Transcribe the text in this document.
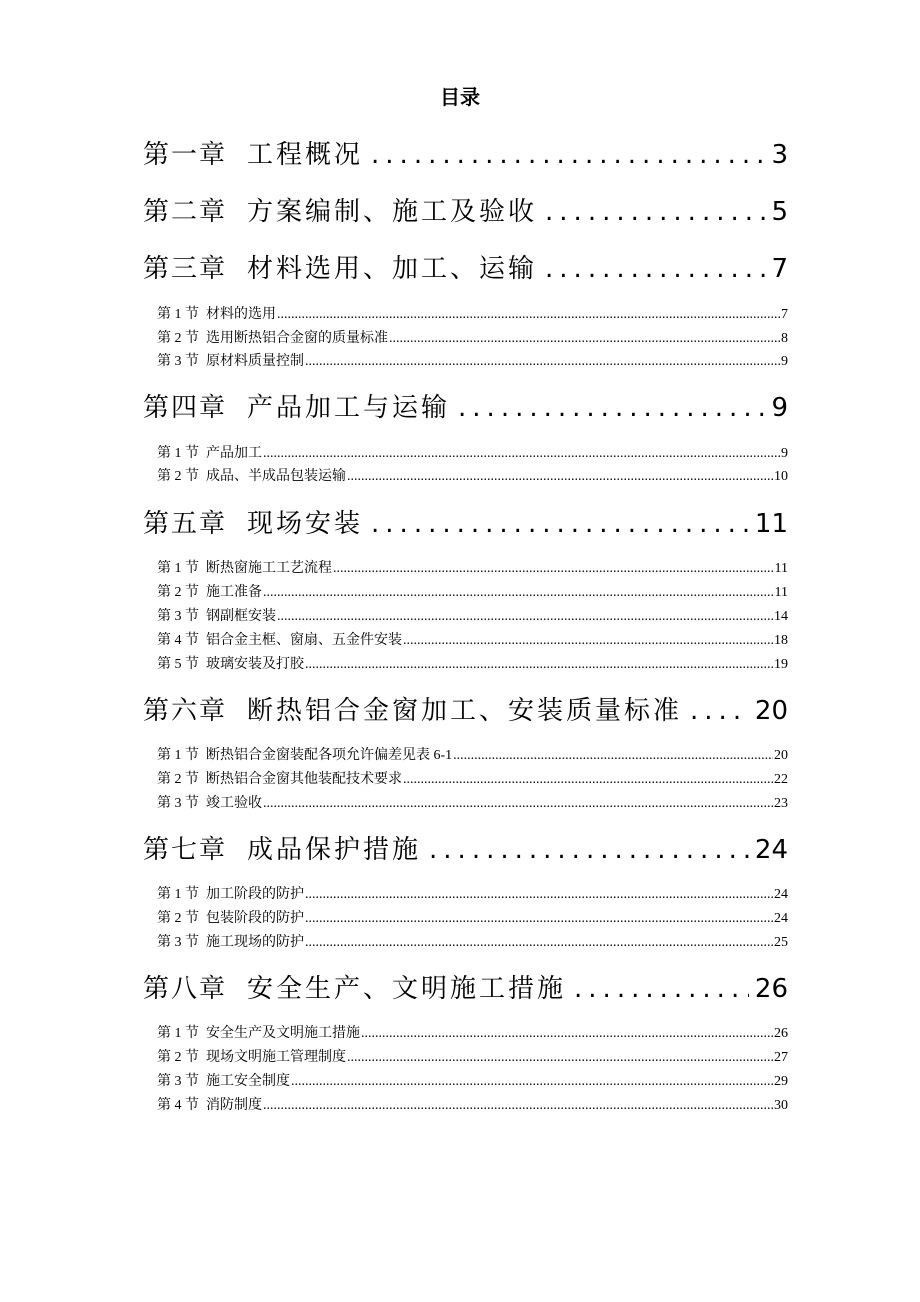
目录
第一章 工程概况 .....	3
第二章 方案编制、施工及验收 .....	5
第三章 材料选用、加工、运输 .....	7
第 1 节 材料的选用 .....	7
第 2 节 选用断热铝合金窗的质量标准 .....	8
第 3 节 原材料质量控制 .....	9
第四章 产品加工与运输 .....	9
第 1 节 产品加工 .....	9
第 2 节 成品、半成品包装运输 .....	10
第五章 现场安装 .....	11
第 1 节 断热窗施工工艺流程 .....	11
第 2 节 施工准备 .....	11
第 3 节 钢副框安装 .....	14
第 4 节 铝合金主框、窗扇、五金件安装 .....	18
第 5 节 玻璃安装及打胶 .....	19
第六章 断热铝合金窗加工、安装质量标准 .....	20
第 1 节 断热铝合金窗装配各项允许偏差见表 6-1 .....	20
第 2 节 断热铝合金窗其他装配技术要求 .....	22
第 3 节 竣工验收 .....	23
第七章 成品保护措施 .....	24
第 1 节 加工阶段的防护 .....	24
第 2 节 包装阶段的防护 .....	24
第 3 节 施工现场的防护 .....	25
第八章 安全生产、文明施工措施 .....	26
第 1 节 安全生产及文明施工措施 .....	26
第 2 节 现场文明施工管理制度 .....	27
第 3 节 施工安全制度 .....	29
第 4 节 消防制度 .....	30
